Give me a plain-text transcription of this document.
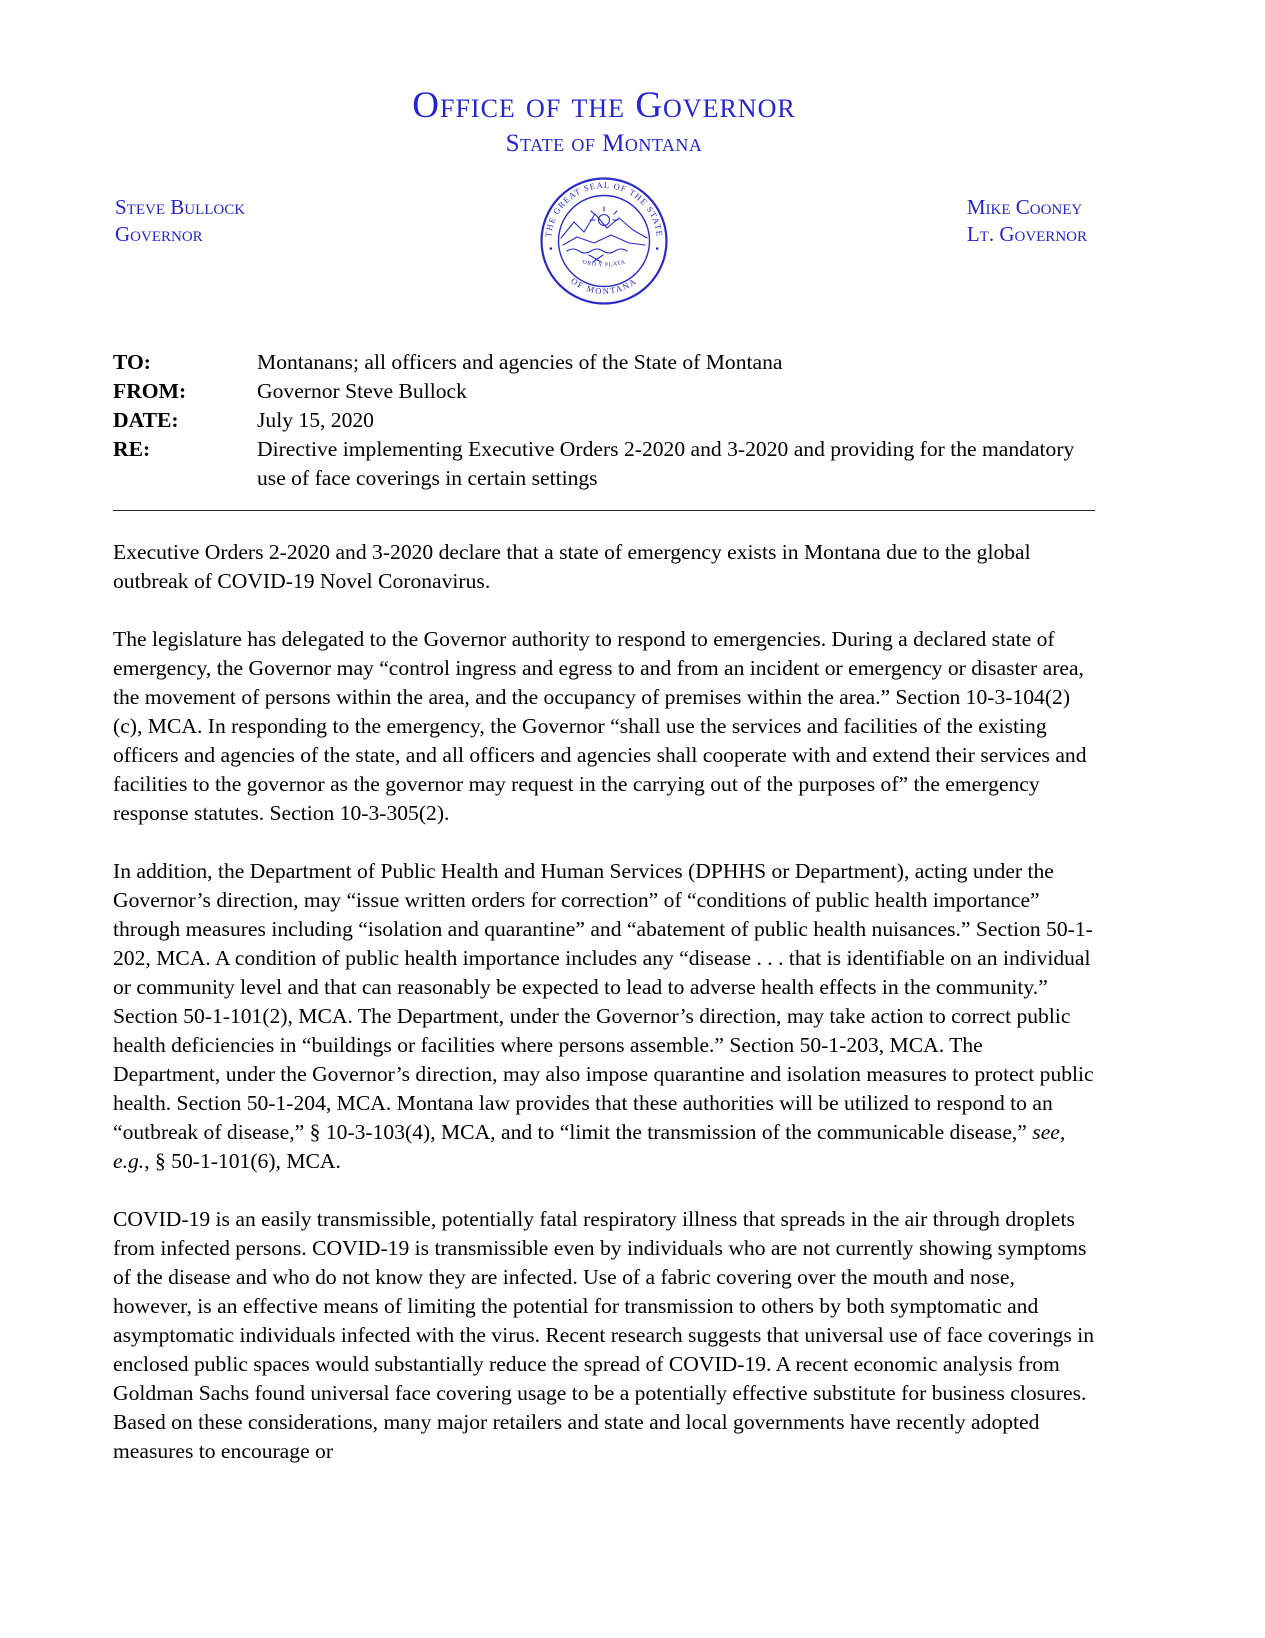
Office of the Governor
State of Montana
Steve Bullock
Governor	THE GREAT SEAL OF THE STATE
OF MONTANA
ORO Y PLATA
Mike Cooney
Lt. Governor
TO:	Montanans; all officers and agencies of the State of Montana
FROM:	Governor Steve Bullock
DATE:	July 15, 2020
RE:	Directive implementing Executive Orders 2-2020 and 3-2020 and providing for the mandatory use of face coverings in certain settings

Executive Orders 2-2020 and 3-2020 declare that a state of emergency exists in Montana due to the global outbreak of COVID-19 Novel Coronavirus.

The legislature has delegated to the Governor authority to respond to emergencies. During a declared state of emergency, the Governor may “control ingress and egress to and from an incident or emergency or disaster area, the movement of persons within the area, and the occupancy of premises within the area.” Section 10-3-104(2)(c), MCA. In responding to the emergency, the Governor “shall use the services and facilities of the existing officers and agencies of the state, and all officers and agencies shall cooperate with and extend their services and facilities to the governor as the governor may request in the carrying out of the purposes of” the emergency response statutes. Section 10-3-305(2).

In addition, the Department of Public Health and Human Services (DPHHS or Department), acting under the Governor’s direction, may “issue written orders for correction” of “conditions of public health importance” through measures including “isolation and quarantine” and “abatement of public health nuisances.” Section 50-1-202, MCA. A condition of public health importance includes any “disease . . . that is identifiable on an individual or community level and that can reasonably be expected to lead to adverse health effects in the community.” Section 50-1-101(2), MCA. The Department, under the Governor’s direction, may take action to correct public health deficiencies in “buildings or facilities where persons assemble.” Section 50-1-203, MCA. The Department, under the Governor’s direction, may also impose quarantine and isolation measures to protect public health. Section 50-1-204, MCA. Montana law provides that these authorities will be utilized to respond to an “outbreak of disease,” § 10-3-103(4), MCA, and to “limit the transmission of the communicable disease,” see, e.g., § 50-1-101(6), MCA.

COVID-19 is an easily transmissible, potentially fatal respiratory illness that spreads in the air through droplets from infected persons. COVID-19 is transmissible even by individuals who are not currently showing symptoms of the disease and who do not know they are infected. Use of a fabric covering over the mouth and nose, however, is an effective means of limiting the potential for transmission to others by both symptomatic and asymptomatic individuals infected with the virus. Recent research suggests that universal use of face coverings in enclosed public spaces would substantially reduce the spread of COVID-19. A recent economic analysis from Goldman Sachs found universal face covering usage to be a potentially effective substitute for business closures. Based on these considerations, many major retailers and state and local governments have recently adopted measures to encourage or
